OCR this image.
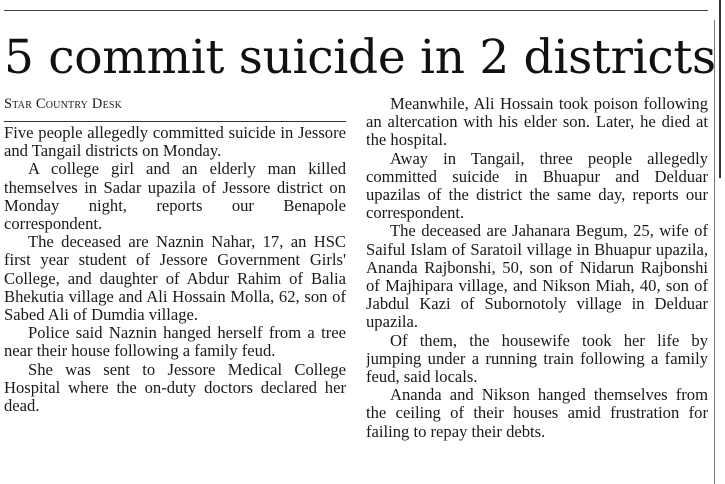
5 commit suicide in 2 districts
Star Country Desk

Five people allegedly committed suicide in Jessore and Tangail districts on Monday.

A college girl and an elderly man killed themselves in Sadar upazila of Jessore district on Monday night, reports our Benapole correspondent.

The deceased are Naznin Nahar, 17, an HSC first year student of Jessore Government Girls' College, and daughter of Abdur Rahim of Balia Bhekutia village and Ali Hossain Molla, 62, son of Sabed Ali of Dumdia village.

Police said Naznin hanged herself from a tree near their house following a family feud.

She was sent to Jessore Medical College Hospital where the on-duty doctors declared her dead.

Meanwhile, Ali Hossain took poison following an altercation with his elder son. Later, he died at the hospital.

Away in Tangail, three people allegedly committed suicide in Bhuapur and Delduar upazilas of the district the same day, reports our correspondent.

The deceased are Jahanara Begum, 25, wife of Saiful Islam of Saratoil village in Bhuapur upazila, Ananda Rajbonshi, 50, son of Nidarun Rajbonshi of Majhipara village, and Nikson Miah, 40, son of Jabdul Kazi of Subornotoly village in Delduar upazila.

Of them, the housewife took her life by jumping under a running train following a family feud, said locals.

Ananda and Nikson hanged themselves from the ceiling of their houses amid frustration for failing to repay their debts.
